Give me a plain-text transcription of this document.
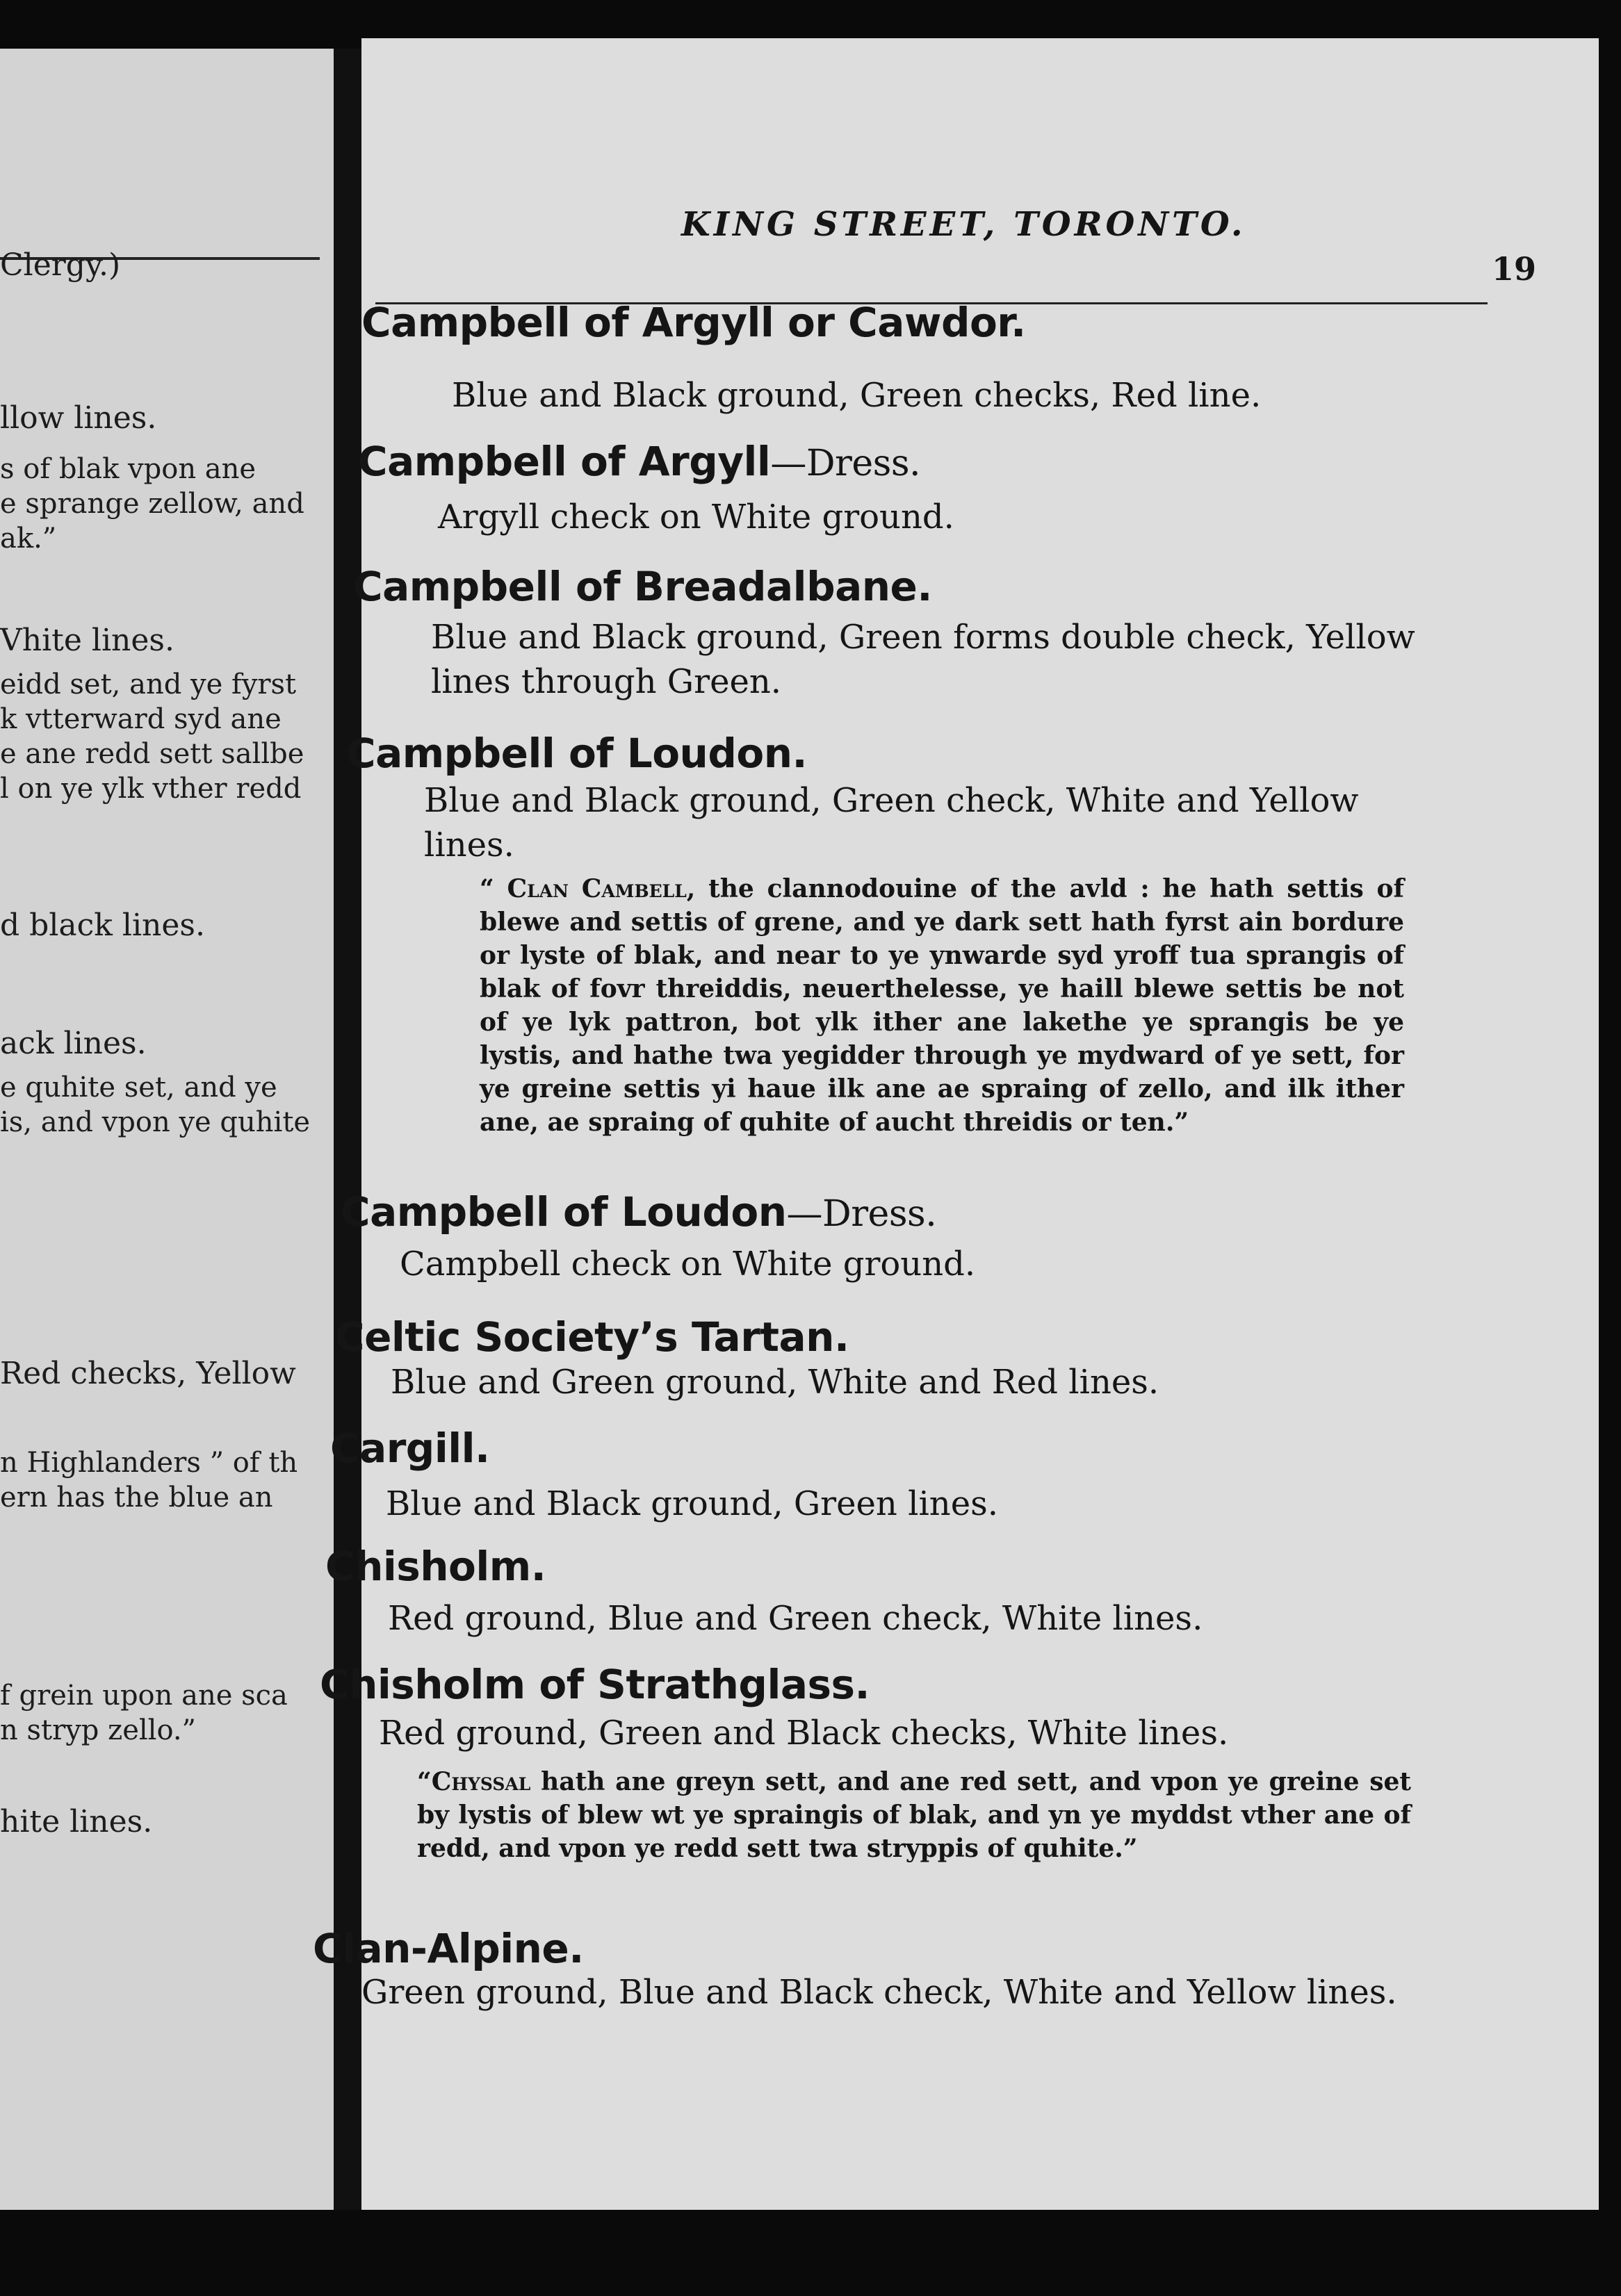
Clergy.)
llow lines.
s of blak vpon ane
e sprange zellow, and
ak.”
Vhite lines.
eidd set, and ye fyrst
k vtterward syd ane
e ane redd sett sallbe
l on ye ylk vther redd
d black lines.
ack lines.
e quhite set, and ye
is, and vpon ye quhite
Red checks, Yellow
n Highlanders ” of th
ern has the blue an
f grein upon ane sca
n stryp zello.”
hite lines.
KING STREET, TORONTO.
19
Campbell of Argyll or Cawdor.
Blue and Black ground, Green checks, Red line.
Campbell of Argyll—Dress.
Argyll check on White ground.
Campbell of Breadalbane.
Blue and Black ground, Green forms double check, Yellow lines through Green.
Campbell of Loudon.
Blue and Black ground, Green check, White and Yellow lines.
“ Clan Cambell, the clannodouine of the avld : he hath settis of blewe and settis of grene, and ye dark sett hath fyrst ain bordure or lyste of blak, and near to ye ynwarde syd yroff tua sprangis of blak of fovr threiddis, neuerthelesse, ye haill blewe settis be not of ye lyk pattron, bot ylk ither ane lakethe ye sprangis be ye lystis, and hathe twa yegidder through ye mydward of ye sett, for ye greine settis yi haue ilk ane ae spraing of zello, and ilk ither ane, ae spraing of quhite of aucht threidis or ten.”
Campbell of Loudon—Dress.
Campbell check on White ground.
Celtic Society’s Tartan.
Blue and Green ground, White and Red lines.
Cargill.
Blue and Black ground, Green lines.
Chisholm.
Red ground, Blue and Green check, White lines.
Chisholm of Strathglass.
Red ground, Green and Black checks, White lines.
“Chyssal hath ane greyn sett, and ane red sett, and vpon ye greine set by lystis of blew wt ye spraingis of blak, and yn ye myddst vther ane of redd, and vpon ye redd sett twa stryppis of quhite.”
Clan-Alpine.
Green ground, Blue and Black check, White and Yellow lines.
